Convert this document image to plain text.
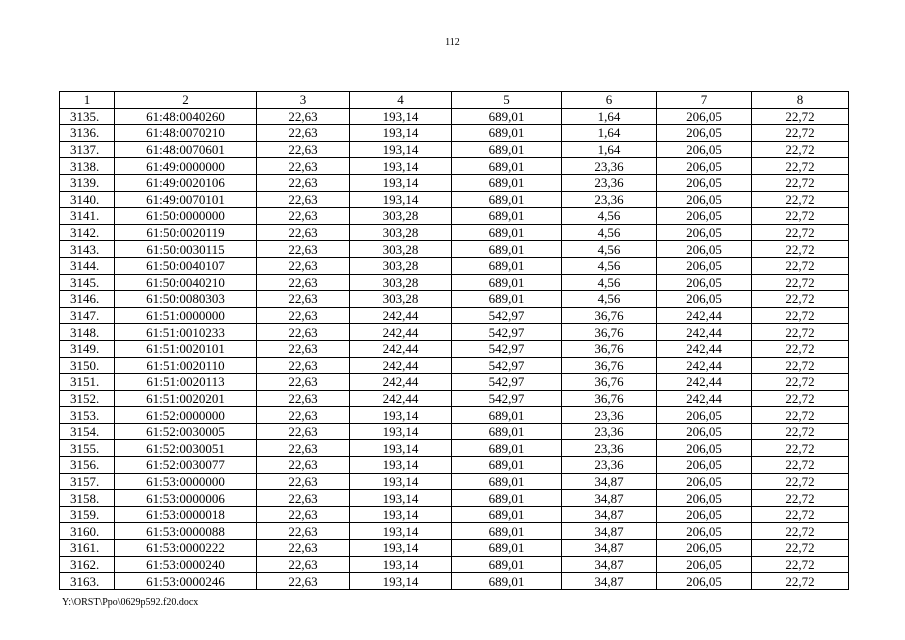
112
1	2	3	4	5	6	7	8
3135.	61:48:0040260	22,63	193,14	689,01	1,64	206,05	22,72
3136.	61:48:0070210	22,63	193,14	689,01	1,64	206,05	22,72
3137.	61:48:0070601	22,63	193,14	689,01	1,64	206,05	22,72
3138.	61:49:0000000	22,63	193,14	689,01	23,36	206,05	22,72
3139.	61:49:0020106	22,63	193,14	689,01	23,36	206,05	22,72
3140.	61:49:0070101	22,63	193,14	689,01	23,36	206,05	22,72
3141.	61:50:0000000	22,63	303,28	689,01	4,56	206,05	22,72
3142.	61:50:0020119	22,63	303,28	689,01	4,56	206,05	22,72
3143.	61:50:0030115	22,63	303,28	689,01	4,56	206,05	22,72
3144.	61:50:0040107	22,63	303,28	689,01	4,56	206,05	22,72
3145.	61:50:0040210	22,63	303,28	689,01	4,56	206,05	22,72
3146.	61:50:0080303	22,63	303,28	689,01	4,56	206,05	22,72
3147.	61:51:0000000	22,63	242,44	542,97	36,76	242,44	22,72
3148.	61:51:0010233	22,63	242,44	542,97	36,76	242,44	22,72
3149.	61:51:0020101	22,63	242,44	542,97	36,76	242,44	22,72
3150.	61:51:0020110	22,63	242,44	542,97	36,76	242,44	22,72
3151.	61:51:0020113	22,63	242,44	542,97	36,76	242,44	22,72
3152.	61:51:0020201	22,63	242,44	542,97	36,76	242,44	22,72
3153.	61:52:0000000	22,63	193,14	689,01	23,36	206,05	22,72
3154.	61:52:0030005	22,63	193,14	689,01	23,36	206,05	22,72
3155.	61:52:0030051	22,63	193,14	689,01	23,36	206,05	22,72
3156.	61:52:0030077	22,63	193,14	689,01	23,36	206,05	22,72
3157.	61:53:0000000	22,63	193,14	689,01	34,87	206,05	22,72
3158.	61:53:0000006	22,63	193,14	689,01	34,87	206,05	22,72
3159.	61:53:0000018	22,63	193,14	689,01	34,87	206,05	22,72
3160.	61:53:0000088	22,63	193,14	689,01	34,87	206,05	22,72
3161.	61:53:0000222	22,63	193,14	689,01	34,87	206,05	22,72
3162.	61:53:0000240	22,63	193,14	689,01	34,87	206,05	22,72
3163.	61:53:0000246	22,63	193,14	689,01	34,87	206,05	22,72
Y:\ORST\Ppo\0629p592.f20.docx
